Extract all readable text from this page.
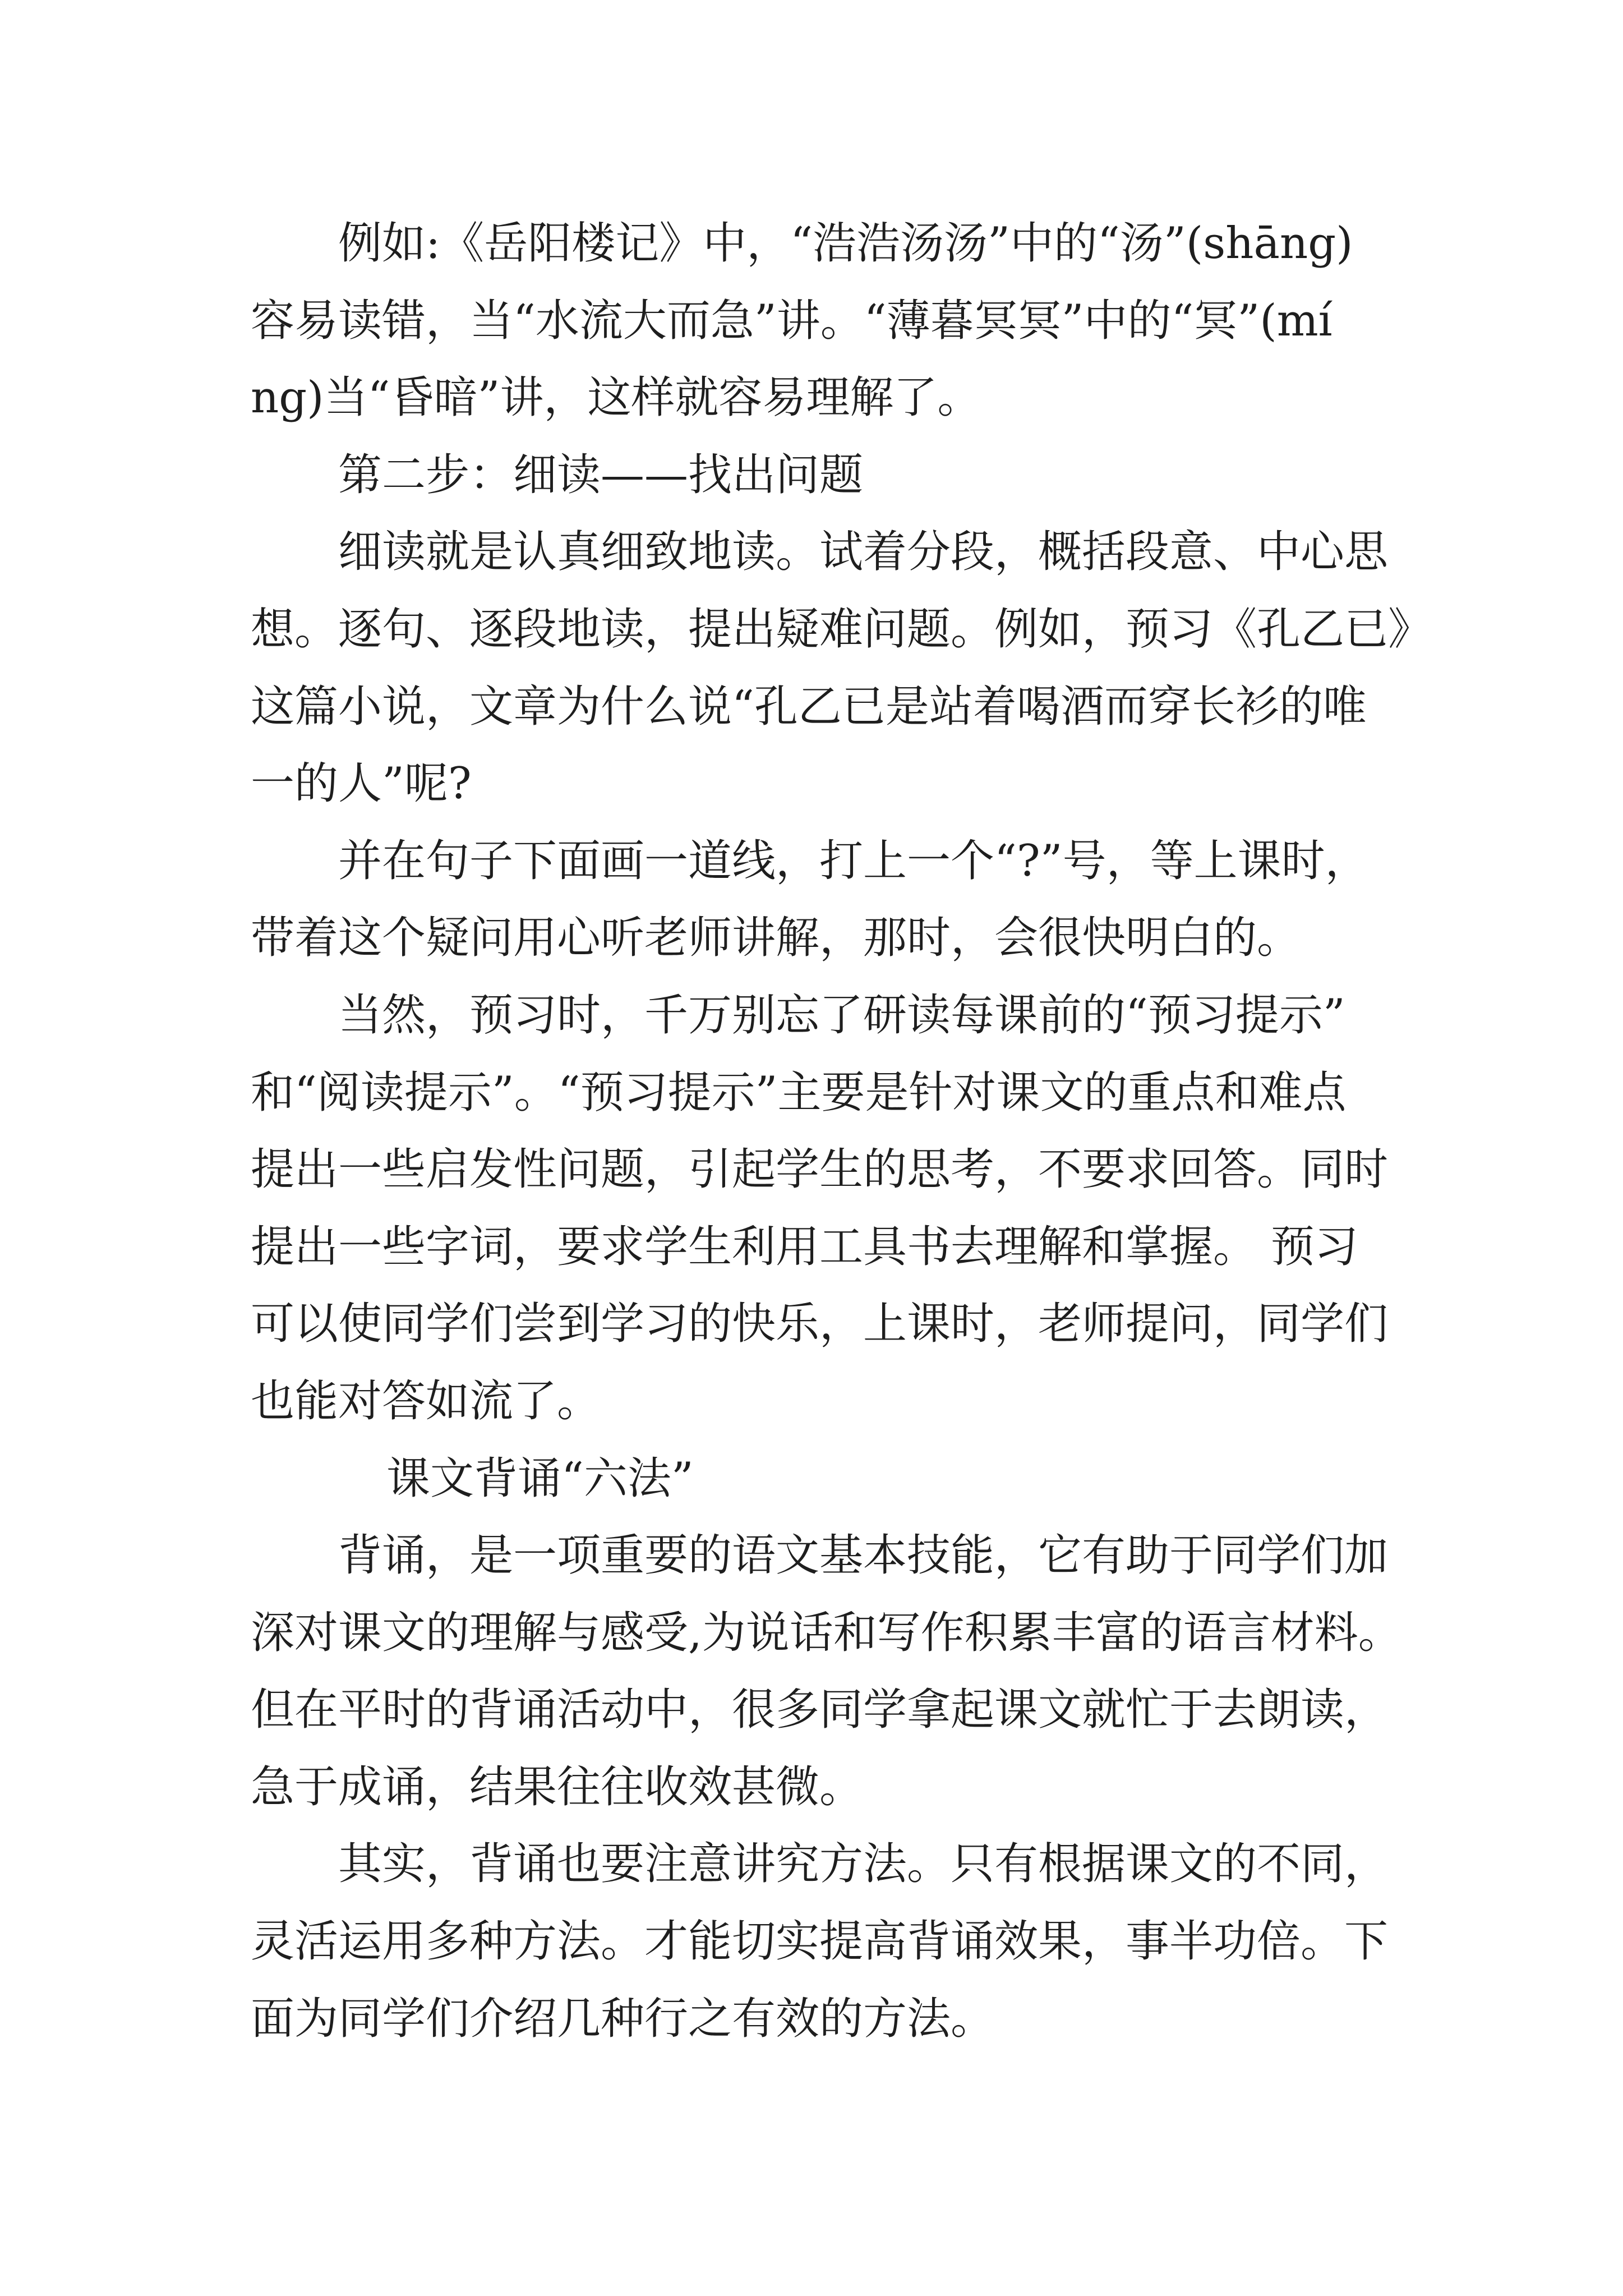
例如:《岳阳楼记》中，“浩浩汤汤”中的“汤”(shāng)
容易读错，当“水流大而急”讲。“薄暮冥冥”中的“冥”(mí
ng)当“昏暗”讲，这样就容易理解了。
第二步：细读——找出问题
细读就是认真细致地读。试着分段，概括段意、中心思
想。逐句、逐段地读，提出疑难问题。例如，预习《孔乙已》
这篇小说，文章为什么说“孔乙已是站着喝酒而穿长衫的唯
一的人”呢?
并在句子下面画一道线，打上一个“?”号，等上课时，
带着这个疑问用心听老师讲解，那时，会很快明白的。
当然，预习时，千万别忘了研读每课前的“预习提示”
和“阅读提示”。“预习提示”主要是针对课文的重点和难点
提出一些启发性问题，引起学生的思考，不要求回答。同时
提出一些字词，要求学生利用工具书去理解和掌握。 预习
可以使同学们尝到学习的快乐，上课时，老师提问，同学们
也能对答如流了。
课文背诵“六法”
背诵，是一项重要的语文基本技能，它有助于同学们加
深对课文的理解与感受,为说话和写作积累丰富的语言材料。
但在平时的背诵活动中，很多同学拿起课文就忙于去朗读，
急于成诵，结果往往收效甚微。
其实，背诵也要注意讲究方法。只有根据课文的不同，
灵活运用多种方法。才能切实提高背诵效果，事半功倍。下
面为同学们介绍几种行之有效的方法。
